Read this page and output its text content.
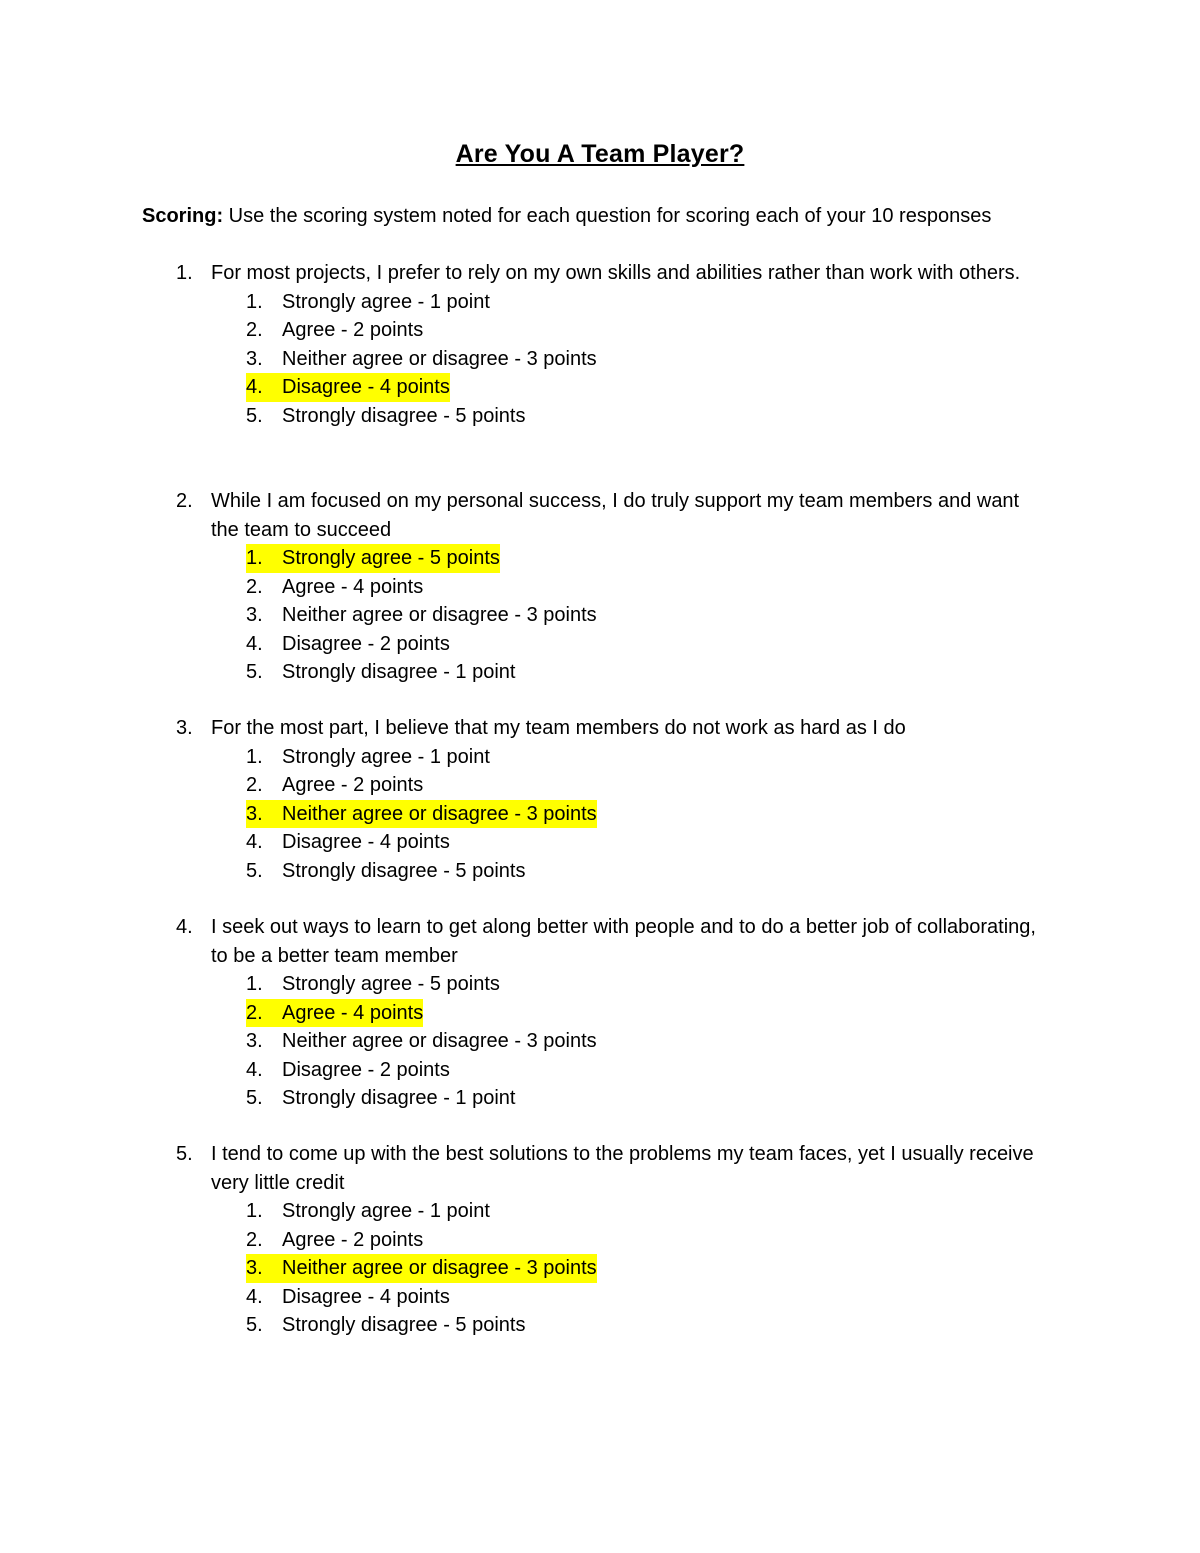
Are You A Team Player?
Scoring: Use the scoring system noted for each question for scoring each of your 10 responses
1. For most projects, I prefer to rely on my own skills and abilities rather than work with others.
1. Strongly agree - 1 point
2. Agree - 2 points
3. Neither agree or disagree - 3 points
4. Disagree - 4 points
5. Strongly disagree - 5 points
2. While I am focused on my personal success, I do truly support my team members and want the team to succeed
1. Strongly agree - 5 points
2. Agree - 4 points
3. Neither agree or disagree - 3 points
4. Disagree - 2 points
5. Strongly disagree - 1 point
3. For the most part, I believe that my team members do not work as hard as I do
1. Strongly agree - 1 point
2. Agree - 2 points
3. Neither agree or disagree - 3 points
4. Disagree - 4 points
5. Strongly disagree - 5 points
4. I seek out ways to learn to get along better with people and to do a better job of collaborating, to be a better team member
1. Strongly agree - 5 points
2. Agree - 4 points
3. Neither agree or disagree - 3 points
4. Disagree - 2 points
5. Strongly disagree - 1 point
5. I tend to come up with the best solutions to the problems my team faces, yet I usually receive very little credit
1. Strongly agree - 1 point
2. Agree - 2 points
3. Neither agree or disagree - 3 points
4. Disagree - 4 points
5. Strongly disagree - 5 points
